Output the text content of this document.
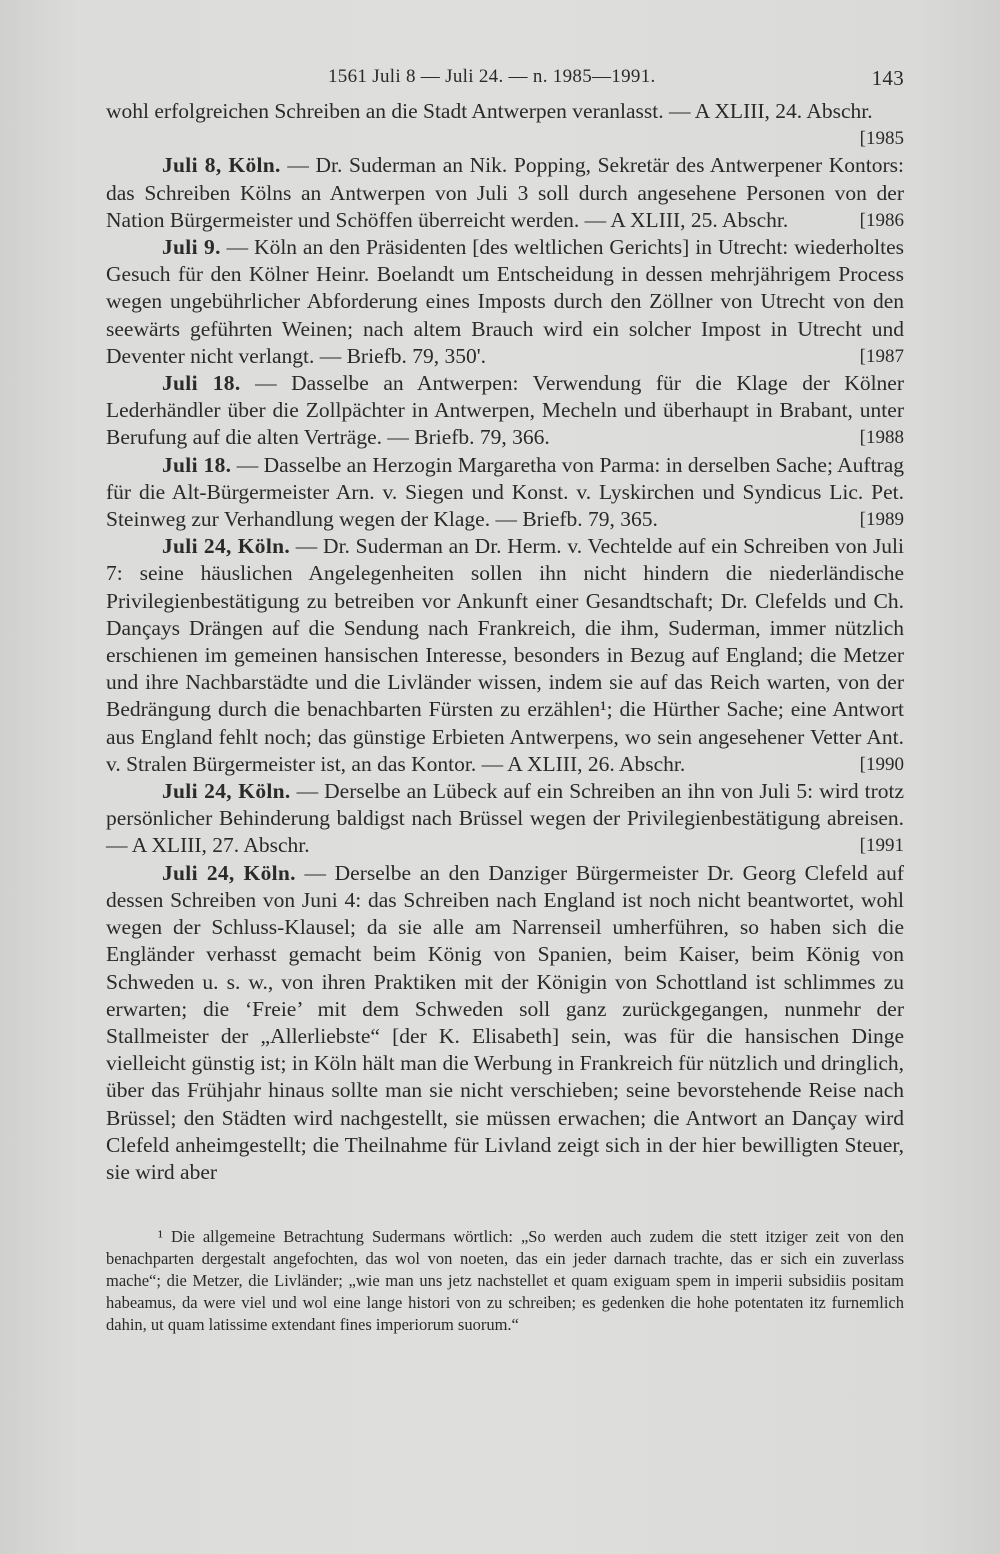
1561 Juli 8 — Juli 24. — n. 1985—1991.	143

wohl erfolgreichen Schreiben an die Stadt Antwerpen veranlasst. — A XLIII, 24. Abschr.
[1985

Juli 8, Köln. — Dr. Suderman an Nik. Popping, Sekretär des Antwerpener Kontors: das Schreiben Kölns an Antwerpen von Juli 3 soll durch angesehene Personen von der Nation Bürgermeister und Schöffen überreicht werden. — A XLIII, 25. Abschr.	[1986

Juli 9. — Köln an den Präsidenten [des weltlichen Gerichts] in Utrecht: wiederholtes Gesuch für den Kölner Heinr. Boelandt um Entscheidung in dessen mehrjährigem Process wegen ungebührlicher Abforderung eines Imposts durch den Zöllner von Utrecht von den seewärts geführten Weinen; nach altem Brauch wird ein solcher Impost in Utrecht und Deventer nicht verlangt. — Briefb. 79, 350'.	[1987

Juli 18. — Dasselbe an Antwerpen: Verwendung für die Klage der Kölner Lederhändler über die Zollpächter in Antwerpen, Mecheln und überhaupt in Brabant, unter Berufung auf die alten Verträge. — Briefb. 79, 366.	[1988

Juli 18. — Dasselbe an Herzogin Margaretha von Parma: in derselben Sache; Auftrag für die Alt-Bürgermeister Arn. v. Siegen und Konst. v. Lyskirchen und Syndicus Lic. Pet. Steinweg zur Verhandlung wegen der Klage. — Briefb. 79, 365.	[1989

Juli 24, Köln. — Dr. Suderman an Dr. Herm. v. Vechtelde auf ein Schreiben von Juli 7: seine häuslichen Angelegenheiten sollen ihn nicht hindern die niederländische Privilegienbestätigung zu betreiben vor Ankunft einer Gesandtschaft; Dr. Clefelds und Ch. Dançays Drängen auf die Sendung nach Frankreich, die ihm, Suderman, immer nützlich erschienen im gemeinen hansischen Interesse, besonders in Bezug auf England; die Metzer und ihre Nachbarstädte und die Livländer wissen, indem sie auf das Reich warten, von der Bedrängung durch die benachbarten Fürsten zu erzählen¹; die Hürther Sache; eine Antwort aus England fehlt noch; das günstige Erbieten Antwerpens, wo sein angesehener Vetter Ant. v. Stralen Bürgermeister ist, an das Kontor. — A XLIII, 26. Abschr.	[1990

Juli 24, Köln. — Derselbe an Lübeck auf ein Schreiben an ihn von Juli 5: wird trotz persönlicher Behinderung baldigst nach Brüssel wegen der Privilegienbestätigung abreisen. — A XLIII, 27. Abschr.	[1991

Juli 24, Köln. — Derselbe an den Danziger Bürgermeister Dr. Georg Clefeld auf dessen Schreiben von Juni 4: das Schreiben nach England ist noch nicht beantwortet, wohl wegen der Schluss-Klausel; da sie alle am Narrenseil umherführen, so haben sich die Engländer verhasst gemacht beim König von Spanien, beim Kaiser, beim König von Schweden u. s. w., von ihren Praktiken mit der Königin von Schottland ist schlimmes zu erwarten; die ‘Freie’ mit dem Schweden soll ganz zurückgegangen, nunmehr der Stallmeister der „Allerliebste“ [der K. Elisabeth] sein, was für die hansischen Dinge vielleicht günstig ist; in Köln hält man die Werbung in Frankreich für nützlich und dringlich, über das Frühjahr hinaus sollte man sie nicht verschieben; seine bevorstehende Reise nach Brüssel; den Städten wird nachgestellt, sie müssen erwachen; die Antwort an Dançay wird Clefeld anheimgestellt; die Theilnahme für Livland zeigt sich in der hier bewilligten Steuer, sie wird aber

¹ Die allgemeine Betrachtung Sudermans wörtlich: „So werden auch zudem die stett itziger zeit von den benachparten dergestalt angefochten, das wol von noeten, das ein jeder darnach trachte, das er sich ein zuverlass mache“; die Metzer, die Livländer; „wie man uns jetz nachstellet et quam exiguam spem in imperii subsidiis positam habeamus, da were viel und wol eine lange histori von zu schreiben; es gedenken die hohe potentaten itz furnemlich dahin, ut quam latissime extendant fines imperiorum suorum.“
